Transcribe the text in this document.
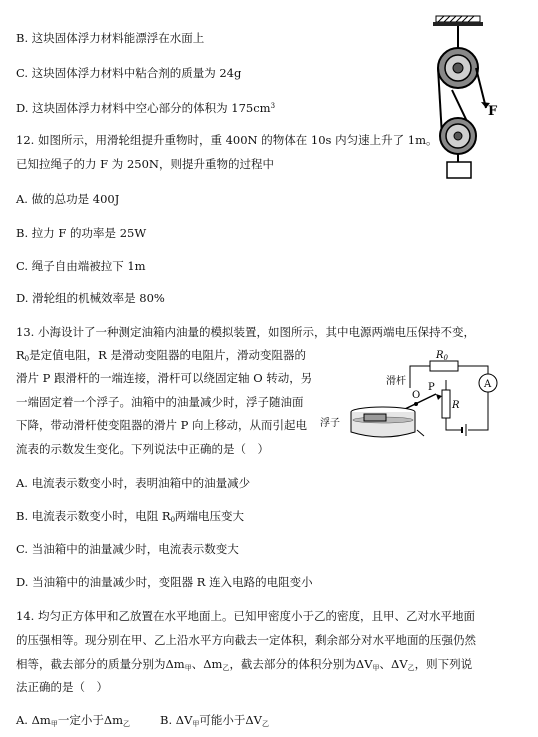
B. 这块固体浮力材料能漂浮在水面上
C. 这块固体浮力材料中粘合剂的质量为 24g
D. 这块固体浮力材料中空心部分的体积为 $175cm^3$
12. 如图所示，用滑轮组提升重物时，重 400N 的物体在 10s 内匀速上升了 1m。
已知拉绳子的力 F 为 250N，则提升重物的过程中
A. 做的总功是 400J
B. 拉力 F 的功率是 25W
C. 绳子自由端被拉下 1m
D. 滑轮组的机械效率是 80%
F
13. 小海设计了一种测定油箱内油量的模拟装置，如图所示，其中电源两端电压保持不变，
$R_0$是定值电阻，R 是滑动变阻器的电阻片，滑动变阻器的
滑片 P 跟滑杆的一端连接，滑杆可以绕固定轴 O 转动，另
一端固定着一个浮子。油箱中的油量减少时，浮子随油面
下降，带动滑杆使变阻器的滑片 P 向上移动，从而引起电
流表的示数发生变化。下列说法中正确的是（　）
A. 电流表示数变小时，表明油箱中的油量减少
B. 电流表示数变小时，电阻 $R_0$两端电压变大
C. 当油箱中的油量减少时，电流表示数变大
D. 当油箱中的油量减少时，变阻器 R 连入电路的电阻变小
A
滑杆
浮子
$R_0$
O
P
R
14. 均匀正方体甲和乙放置在水平地面上。已知甲密度小于乙的密度，且甲、乙对水平地面
的压强相等。现分别在甲、乙上沿水平方向截去一定体积，剩余部分对水平地面的压强仍然
相等，截去部分的质量分别为$\Delta m_甲$、$\Delta m_乙$，截去部分的体积分别为$\Delta V_甲$、$\Delta V_乙$，则下列说
法正确的是（　）
A. $\Delta m_甲$一定小于$\Delta m_乙$	B. $\Delta V_甲$可能小于$\Delta V_乙$
